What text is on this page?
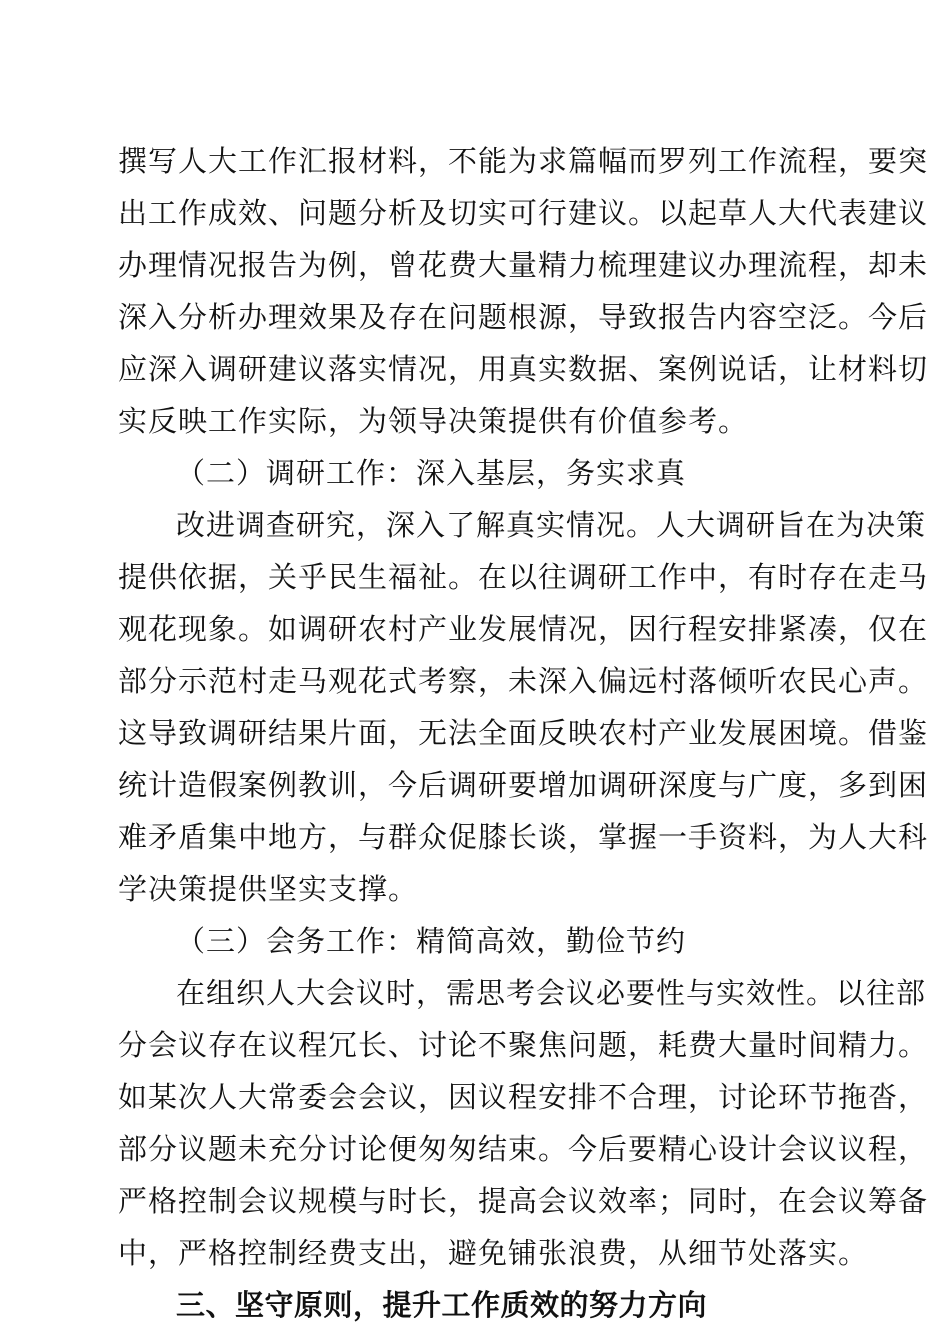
撰写人大工作汇报材料，不能为求篇幅而罗列工作流程，要突
出工作成效、问题分析及切实可行建议。以起草人大代表建议
办理情况报告为例，曾花费大量精力梳理建议办理流程，却未
深入分析办理效果及存在问题根源，导致报告内容空泛。今后
应深入调研建议落实情况，用真实数据、案例说话，让材料切
实反映工作实际，为领导决策提供有价值参考。
（二）调研工作：深入基层，务实求真
改进调查研究，深入了解真实情况。人大调研旨在为决策
提供依据，关乎民生福祉。在以往调研工作中，有时存在走马
观花现象。如调研农村产业发展情况，因行程安排紧凑，仅在
部分示范村走马观花式考察，未深入偏远村落倾听农民心声。
这导致调研结果片面，无法全面反映农村产业发展困境。借鉴
统计造假案例教训，今后调研要增加调研深度与广度，多到困
难矛盾集中地方，与群众促膝长谈，掌握一手资料，为人大科
学决策提供坚实支撑。
（三）会务工作：精简高效，勤俭节约
在组织人大会议时，需思考会议必要性与实效性。以往部
分会议存在议程冗长、讨论不聚焦问题，耗费大量时间精力。
如某次人大常委会会议，因议程安排不合理，讨论环节拖沓，
部分议题未充分讨论便匆匆结束。今后要精心设计会议议程，
严格控制会议规模与时长，提高会议效率；同时，在会议筹备
中，严格控制经费支出，避免铺张浪费，从细节处落实。
三、坚守原则，提升工作质效的努力方向
